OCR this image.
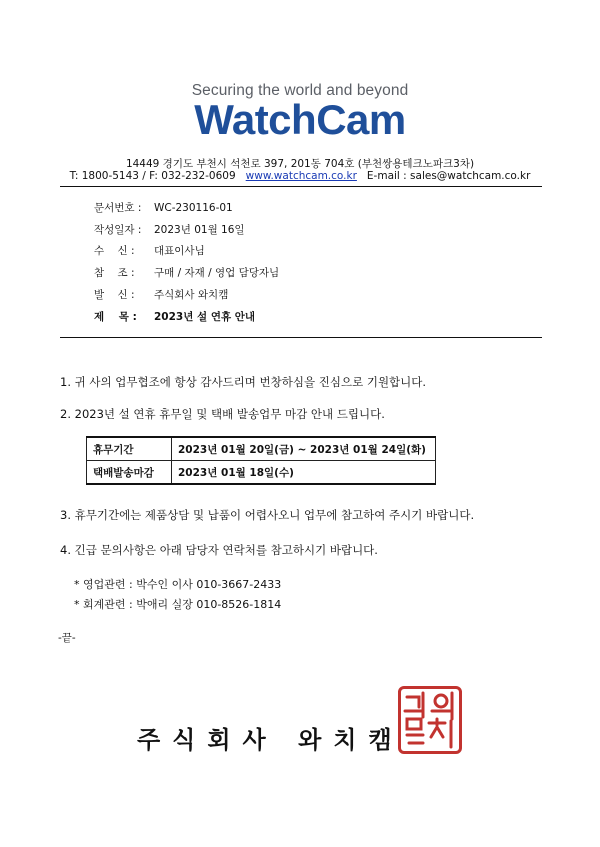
Securing the world and beyond
WatchCam
14449 경기도 부천시 석천로 397, 201동 704호 (부천쌍용테크노파크3차)
T: 1800-5143 / F: 032-232-0609 www.watchcam.co.kr E-mail : sales@watchcam.co.kr
문서번호 : WC-230116-01
작성일자 : 2023년 01월 16일
수    신 : 대표이사님
참    조 : 구매 / 자재 / 영업 담당자님
발    신 : 주식회사 와치캠
제    목 : 2023년 설 연휴 안내
1. 귀 사의 업무협조에 항상 감사드리며 번창하심을 진심으로 기원합니다.
2. 2023년 설 연휴 휴무일 및 택배 발송업무 마감 안내 드립니다.
휴무기간	2023년 01월 20일(금) ~ 2023년 01월 24일(화)
택배발송마감	2023년 01월 18일(수)
3. 휴무기간에는 제품상담 및 납품이 어렵사오니 업무에 참고하여 주시기 바랍니다.
4. 긴급 문의사항은 아래 담당자 연락처를 참고하시기 바랍니다.
* 영업관련 : 박수인 이사 010-3667-2433
* 회계관련 : 박애리 실장 010-8526-1814
-끝-
주식회사 와치캠
